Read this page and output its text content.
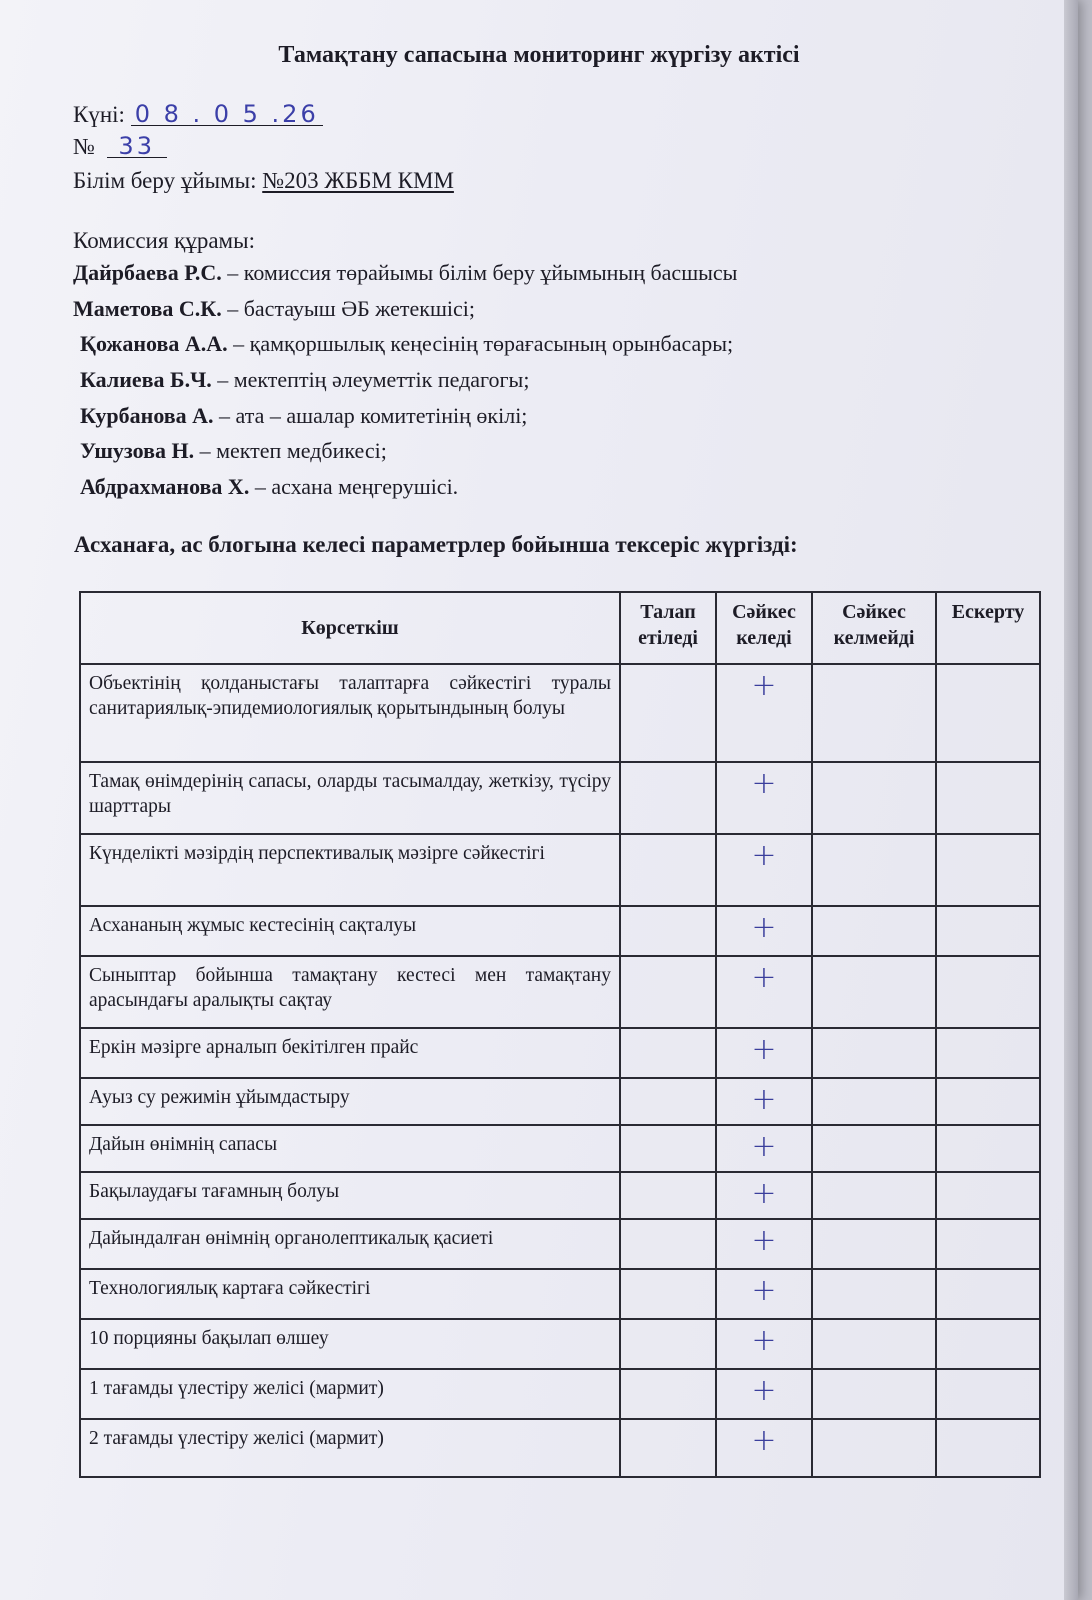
Тамақтану сапасына мониторинг жүргізу актісі
Күні: 0 8 . 0 5 .26
№ 33
Білім беру ұйымы: №203 ЖББМ КММ
Комиссия құрамы:
Дайрбаева Р.С. – комиссия төрайымы білім беру ұйымының басшысы
Маметова С.К. – бастауыш ӘБ жетекшісі;
Қожанова А.А. – қамқоршылық кеңесінің төрағасының орынбасары;
Калиева Б.Ч. – мектептің әлеуметтік педагогы;
Курбанова А. – ата – ашалар комитетінің өкілі;
Ушузова Н. – мектеп медбикесі;
Абдрахманова Х. – асхана меңгерушісі.
Асханаға, ас блогына келесі параметрлер бойынша тексеріс жүргізді:
Көрсеткіш	Талап етіледі	Сәйкес келеді	Сәйкес келмейді	Ескерту
Объектінің қолданыстағы талаптарға сәйкестігі туралы санитариялық-эпидемиологиялық қорытындының болуы		+		
Тамақ өнімдерінің сапасы, оларды тасымалдау, жеткізу, түсіру шарттары		+		
Күнделікті мәзірдің перспективалық мәзірге сәйкестігі		+		
Асхананың жұмыс кестесінің сақталуы		+		
Сыныптар бойынша тамақтану кестесі мен тамақтану арасындағы аралықты сақтау		+		
Еркін мәзірге арналып бекітілген прайс		+		
Ауыз су режимін ұйымдастыру		+		
Дайын өнімнің сапасы		+		
Бақылаудағы тағамның болуы		+		
Дайындалған өнімнің органолептикалық қасиеті		+		
Технологиялық картаға сәйкестігі		+		
10 порцияны бақылап өлшеу		+		
1 тағамды үлестіру желісі (мармит)		+		
2 тағамды үлестіру желісі (мармит)		+		
